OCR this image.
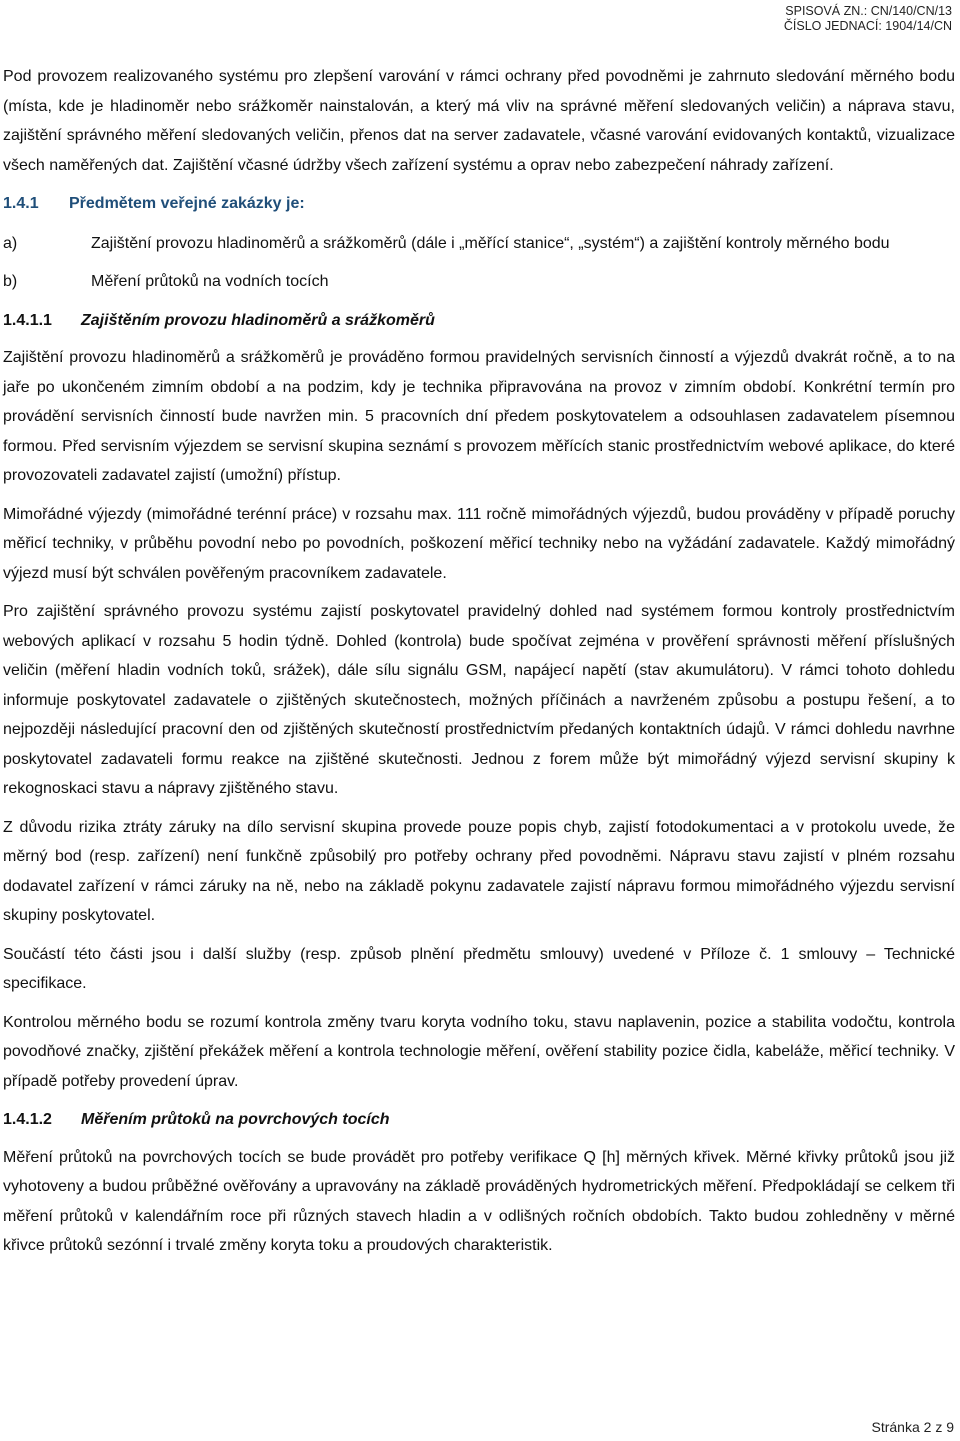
SPISOVÁ ZN.: CN/140/CN/13
ČÍSLO JEDNACÍ: 1904/14/CN

Pod provozem realizovaného systému pro zlepšení varování v rámci ochrany před povodněmi je zahrnuto sledování měrného bodu (místa, kde je hladinoměr nebo srážkoměr nainstalován, a který má vliv na správné měření sledovaných veličin) a náprava stavu, zajištění správného měření sledovaných veličin, přenos dat na server zadavatele, včasné varování evidovaných kontaktů, vizualizace všech naměřených dat. Zajištění včasné údržby všech zařízení systému a oprav nebo zabezpečení náhrady zařízení.

1.4.1 Předmětem veřejné zakázky je:
a)	Zajištění provozu hladinoměrů a srážkoměrů (dále i „měřící stanice“, „systém“) a zajištění kontroly měrného bodu
b)	Měření průtoků na vodních tocích
1.4.1.1 Zajištěním provozu hladinoměrů a srážkoměrů

Zajištění provozu hladinoměrů a srážkoměrů je prováděno formou pravidelných servisních činností a výjezdů dvakrát ročně, a to na jaře po ukončeném zimním období a na podzim, kdy je technika připravována na provoz v zimním období. Konkrétní termín pro provádění servisních činností bude navržen min. 5 pracovních dní předem poskytovatelem a odsouhlasen zadavatelem písemnou formou. Před servisním výjezdem se servisní skupina seznámí s provozem měřících stanic prostřednictvím webové aplikace, do které provozovateli zadavatel zajistí (umožní) přístup.

Mimořádné výjezdy (mimořádné terénní práce) v rozsahu max. 111 ročně mimořádných výjezdů, budou prováděny v případě poruchy měřicí techniky, v průběhu povodní nebo po povodních, poškození měřicí techniky nebo na vyžádání zadavatele. Každý mimořádný výjezd musí být schválen pověřeným pracovníkem zadavatele.

Pro zajištění správného provozu systému zajistí poskytovatel pravidelný dohled nad systémem formou kontroly prostřednictvím webových aplikací v rozsahu 5 hodin týdně. Dohled (kontrola) bude spočívat zejména v prověření správnosti měření příslušných veličin (měření hladin vodních toků, srážek), dále sílu signálu GSM, napájecí napětí (stav akumulátoru). V rámci tohoto dohledu informuje poskytovatel zadavatele o zjištěných skutečnostech, možných příčinách a navrženém způsobu a postupu řešení, a to nejpozději následující pracovní den od zjištěných skutečností prostřednictvím předaných kontaktních údajů. V rámci dohledu navrhne poskytovatel zadavateli formu reakce na zjištěné skutečnosti. Jednou z forem může být mimořádný výjezd servisní skupiny k rekognoskaci stavu a nápravy zjištěného stavu.

Z důvodu rizika ztráty záruky na dílo servisní skupina provede pouze popis chyb, zajistí fotodokumentaci a v protokolu uvede, že měrný bod (resp. zařízení) není funkčně způsobilý pro potřeby ochrany před povodněmi. Nápravu stavu zajistí v plném rozsahu dodavatel zařízení v rámci záruky na ně, nebo na základě pokynu zadavatele zajistí nápravu formou mimořádného výjezdu servisní skupiny poskytovatel.

Součástí této části jsou i další služby (resp. způsob plnění předmětu smlouvy) uvedené v Příloze č. 1 smlouvy – Technické specifikace.

Kontrolou měrného bodu se rozumí kontrola změny tvaru koryta vodního toku, stavu naplavenin, pozice a stabilita vodočtu, kontrola povodňové značky, zjištění překážek měření a kontrola technologie měření, ověření stability pozice čidla, kabeláže, měřicí techniky. V případě potřeby provedení úprav.

1.4.1.2 Měřením průtoků na povrchových tocích

Měření průtoků na povrchových tocích se bude provádět pro potřeby verifikace Q [h] měrných křivek. Měrné křivky průtoků jsou již vyhotoveny a budou průběžné ověřovány a upravovány na základě prováděných hydrometrických měření. Předpokládají se celkem tři měření průtoků v kalendářním roce při různých stavech hladin a v odlišných ročních obdobích. Takto budou zohledněny v měrné křivce průtoků sezónní i trvalé změny koryta toku a proudových charakteristik.

Stránka 2 z 9
